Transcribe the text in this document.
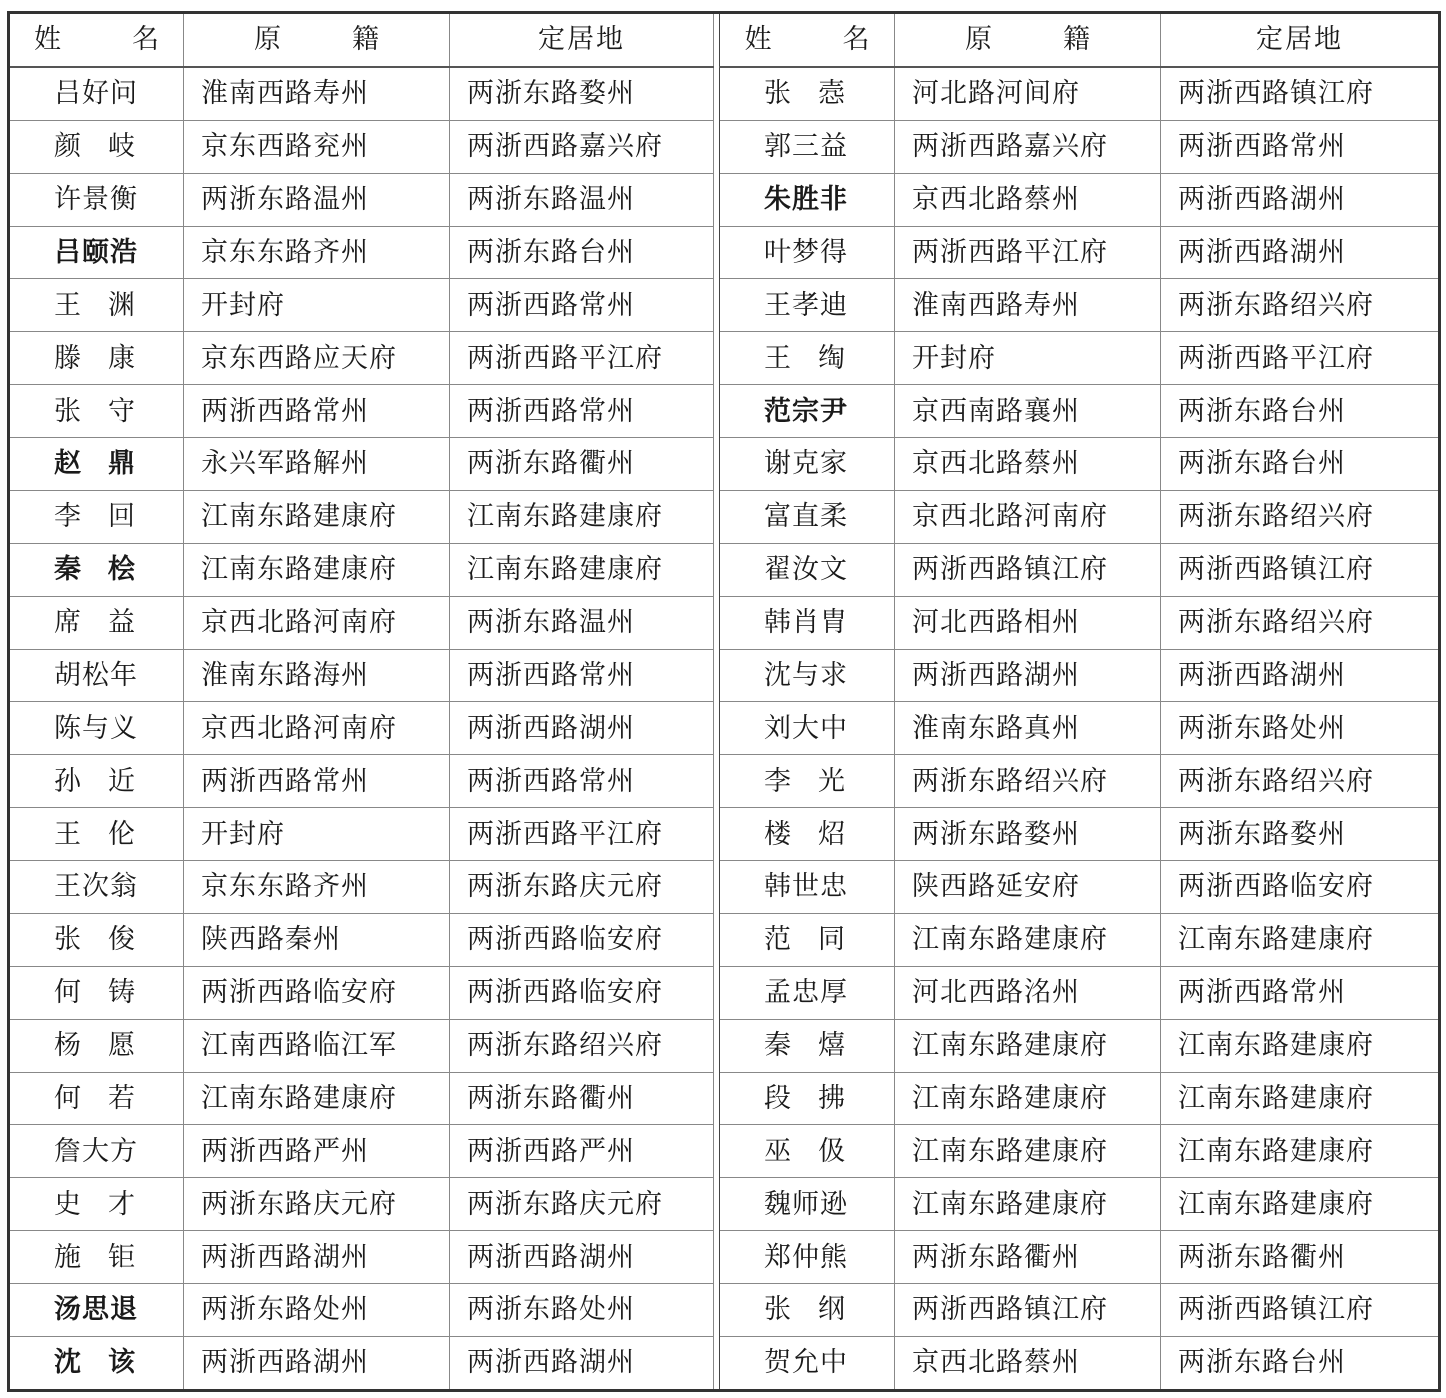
姓　名	原　籍	定居地		姓　名	原　籍	定居地
吕好问	淮南西路寿州	两浙东路婺州		张　悫	河北路河间府	两浙西路镇江府
颜　岐	京东西路兖州	两浙西路嘉兴府		郭三益	两浙西路嘉兴府	两浙西路常州
许景衡	两浙东路温州	两浙东路温州		朱胜非	京西北路蔡州	两浙西路湖州
吕颐浩	京东东路齐州	两浙东路台州		叶梦得	两浙西路平江府	两浙西路湖州
王　渊	开封府	两浙西路常州		王孝迪	淮南西路寿州	两浙东路绍兴府
滕　康	京东西路应天府	两浙西路平江府		王　绹	开封府	两浙西路平江府
张　守	两浙西路常州	两浙西路常州		范宗尹	京西南路襄州	两浙东路台州
赵　鼎	永兴军路解州	两浙东路衢州		谢克家	京西北路蔡州	两浙东路台州
李　回	江南东路建康府	江南东路建康府		富直柔	京西北路河南府	两浙东路绍兴府
秦　桧	江南东路建康府	江南东路建康府		翟汝文	两浙西路镇江府	两浙西路镇江府
席　益	京西北路河南府	两浙东路温州		韩肖胄	河北西路相州	两浙东路绍兴府
胡松年	淮南东路海州	两浙西路常州		沈与求	两浙西路湖州	两浙西路湖州
陈与义	京西北路河南府	两浙西路湖州		刘大中	淮南东路真州	两浙东路处州
孙　近	两浙西路常州	两浙西路常州		李　光	两浙东路绍兴府	两浙东路绍兴府
王　伦	开封府	两浙西路平江府		楼　炤	两浙东路婺州	两浙东路婺州
王次翁	京东东路齐州	两浙东路庆元府		韩世忠	陕西路延安府	两浙西路临安府
张　俊	陕西路秦州	两浙西路临安府		范　同	江南东路建康府	江南东路建康府
何　铸	两浙西路临安府	两浙西路临安府		孟忠厚	河北西路洺州	两浙西路常州
杨　愿	江南西路临江军	两浙东路绍兴府		秦　熺	江南东路建康府	江南东路建康府
何　若	江南东路建康府	两浙东路衢州		段　拂	江南东路建康府	江南东路建康府
詹大方	两浙西路严州	两浙西路严州		巫　伋	江南东路建康府	江南东路建康府
史　才	两浙东路庆元府	两浙东路庆元府		魏师逊	江南东路建康府	江南东路建康府
施　钜	两浙西路湖州	两浙西路湖州		郑仲熊	两浙东路衢州	两浙东路衢州
汤思退	两浙东路处州	两浙东路处州		张　纲	两浙西路镇江府	两浙西路镇江府
沈　该	两浙西路湖州	两浙西路湖州		贺允中	京西北路蔡州	两浙东路台州
